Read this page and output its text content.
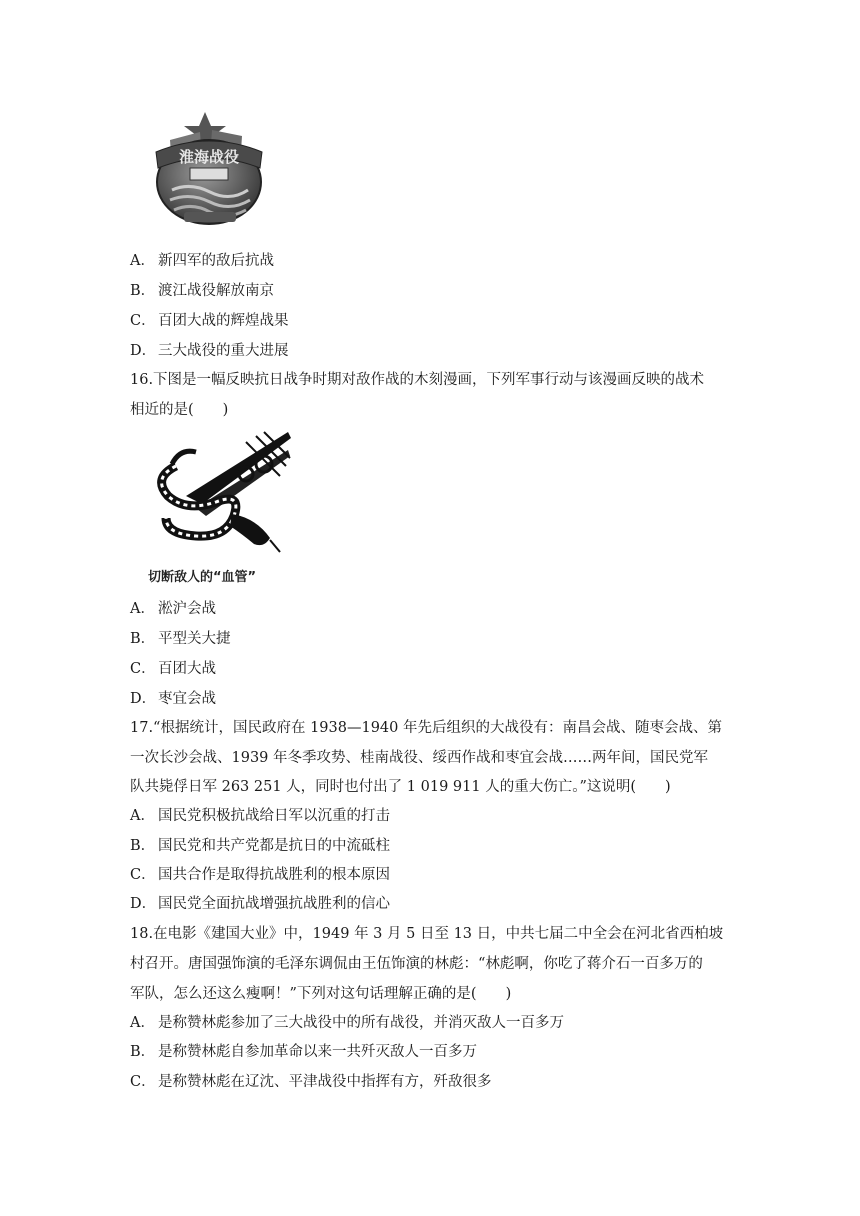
淮海战役
A． 新四军的敌后抗战
B． 渡江战役解放南京
C． 百团大战的辉煌战果
D． 三大战役的重大进展
16.下图是一幅反映抗日战争时期对敌作战的木刻漫画，下列军事行动与该漫画反映的战术
相近的是(　　)
切断敌人的“血管”
A． 淞沪会战
B． 平型关大捷
C． 百团大战
D． 枣宜会战
17.“根据统计，国民政府在 1938—1940 年先后组织的大战役有：南昌会战、随枣会战、第
一次长沙会战、1939 年冬季攻势、桂南战役、绥西作战和枣宜会战……两年间，国民党军
队共毙俘日军 263 251 人，同时也付出了 1 019 911 人的重大伤亡。”这说明(　　)
A． 国民党积极抗战给日军以沉重的打击
B． 国民党和共产党都是抗日的中流砥柱
C． 国共合作是取得抗战胜利的根本原因
D． 国民党全面抗战增强抗战胜利的信心
18.在电影《建国大业》中，1949 年 3 月 5 日至 13 日，中共七届二中全会在河北省西柏坡
村召开。唐国强饰演的毛泽东调侃由王伍饰演的林彪：“林彪啊，你吃了蒋介石一百多万的
军队，怎么还这么瘦啊！”下列对这句话理解正确的是(　　)
A． 是称赞林彪参加了三大战役中的所有战役，并消灭敌人一百多万
B． 是称赞林彪自参加革命以来一共歼灭敌人一百多万
C． 是称赞林彪在辽沈、平津战役中指挥有方，歼敌很多
